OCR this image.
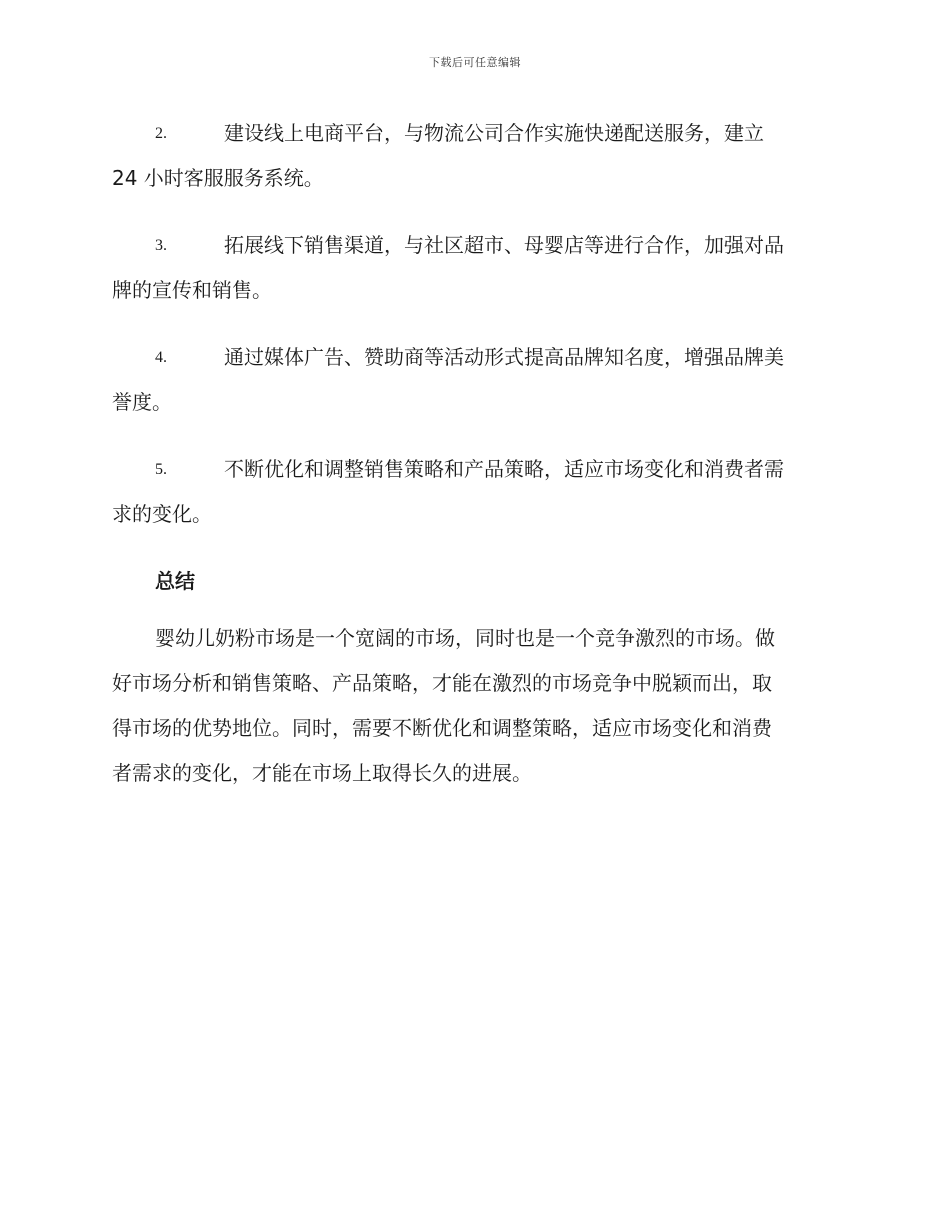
下载后可任意编辑

2.	建设线上电商平台，与物流公司合作实施快递配送服务，建立

24 小时客服服务系统。

3.	拓展线下销售渠道，与社区超市、母婴店等进行合作，加强对品

牌的宣传和销售。

4.	通过媒体广告、赞助商等活动形式提高品牌知名度，增强品牌美

誉度。

5.	不断优化和调整销售策略和产品策略，适应市场变化和消费者需

求的变化。

总结

婴幼儿奶粉市场是一个宽阔的市场，同时也是一个竞争激烈的市场。做

好市场分析和销售策略、产品策略，才能在激烈的市场竞争中脱颖而出，取

得市场的优势地位。同时，需要不断优化和调整策略，适应市场变化和消费

者需求的变化，才能在市场上取得长久的进展。
